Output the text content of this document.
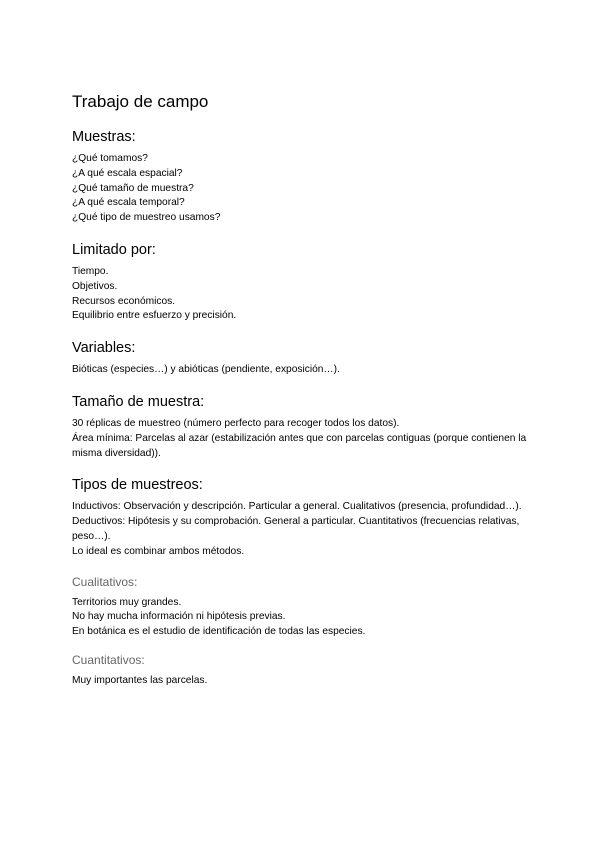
Trabajo de campo
Muestras:

¿Qué tomamos?

¿A qué escala espacial?

¿Qué tamaño de muestra?

¿A qué escala temporal?

¿Qué tipo de muestreo usamos?

Limitado por:

Tiempo.

Objetivos.

Recursos económicos.

Equilibrio entre esfuerzo y precisión.

Variables:

Bióticas (especies…) y abióticas (pendiente, exposición…).

Tamaño de muestra:

30 réplicas de muestreo (número perfecto para recoger todos los datos).

Área mínima: Parcelas al azar (estabilización antes que con parcelas contiguas (porque contienen la misma diversidad)).

Tipos de muestreos:

Inductivos: Observación y descripción. Particular a general. Cualitativos (presencia, profundidad…).

Deductivos: Hipótesis y su comprobación. General a particular. Cuantitativos (frecuencias relativas, peso…).

Lo ideal es combinar ambos métodos.

Cualitativos:

Territorios muy grandes.

No hay mucha información ni hipótesis previas.

En botánica es el estudio de identificación de todas las especies.

Cuantitativos:

Muy importantes las parcelas.
